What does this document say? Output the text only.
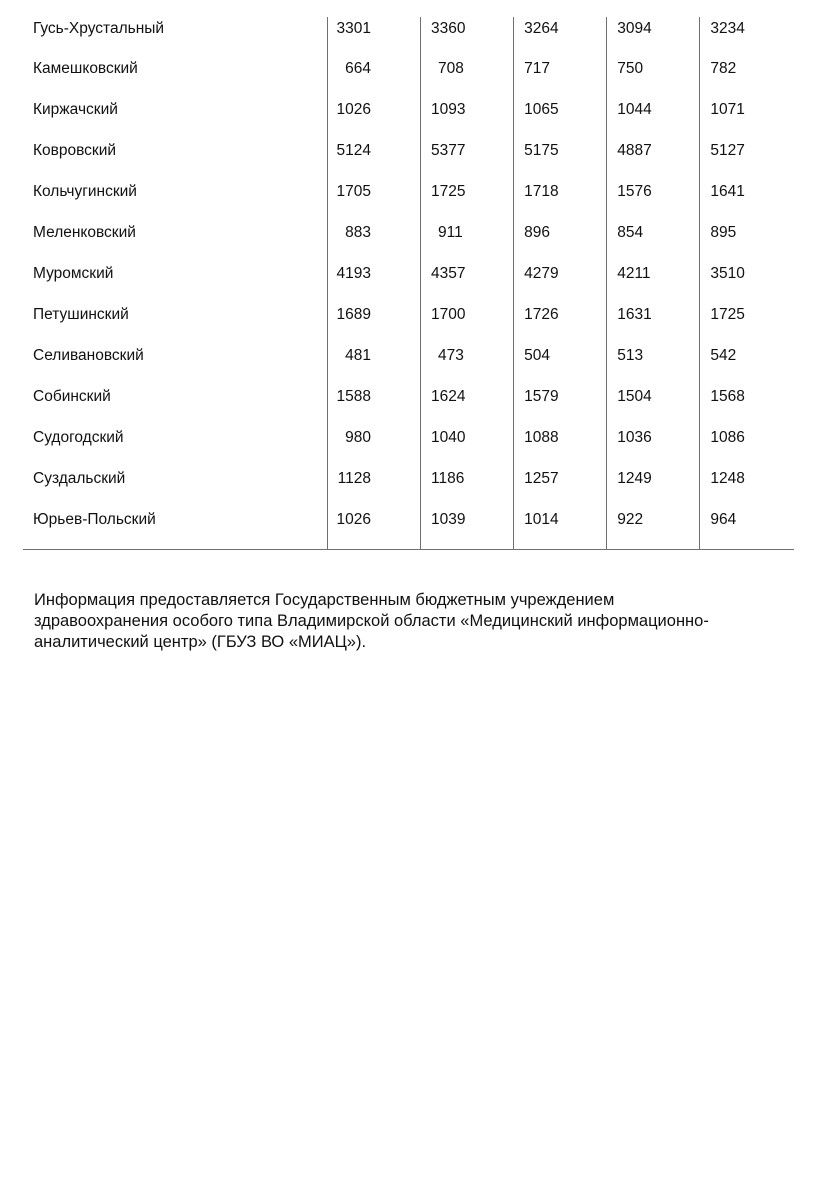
Гусь-Хрустальный	3301	3360	3264	3094	3234

Камешковский	664	708	717	750	782

Киржачский	1026	1093	1065	1044	1071

Ковровский	5124	5377	5175	4887	5127

Кольчугинский	1705	1725	1718	1576	1641

Меленковский	883	911	896	854	895

Муромский	4193	4357	4279	4211	3510

Петушинский	1689	1700	1726	1631	1725

Селивановский	481	473	504	513	542

Собинский	1588	1624	1579	1504	1568

Судогодский	980	1040	1088	1036	1086

Суздальский	1128	1186	1257	1249	1248

Юрьев-Польский	1026	1039	1014	922	964

Информация предоставляется Государственным бюджетным учреждением
здравоохранения особого типа Владимирской области «Медицинский информационно-
аналитический центр» (ГБУЗ ВО «МИАЦ»).
